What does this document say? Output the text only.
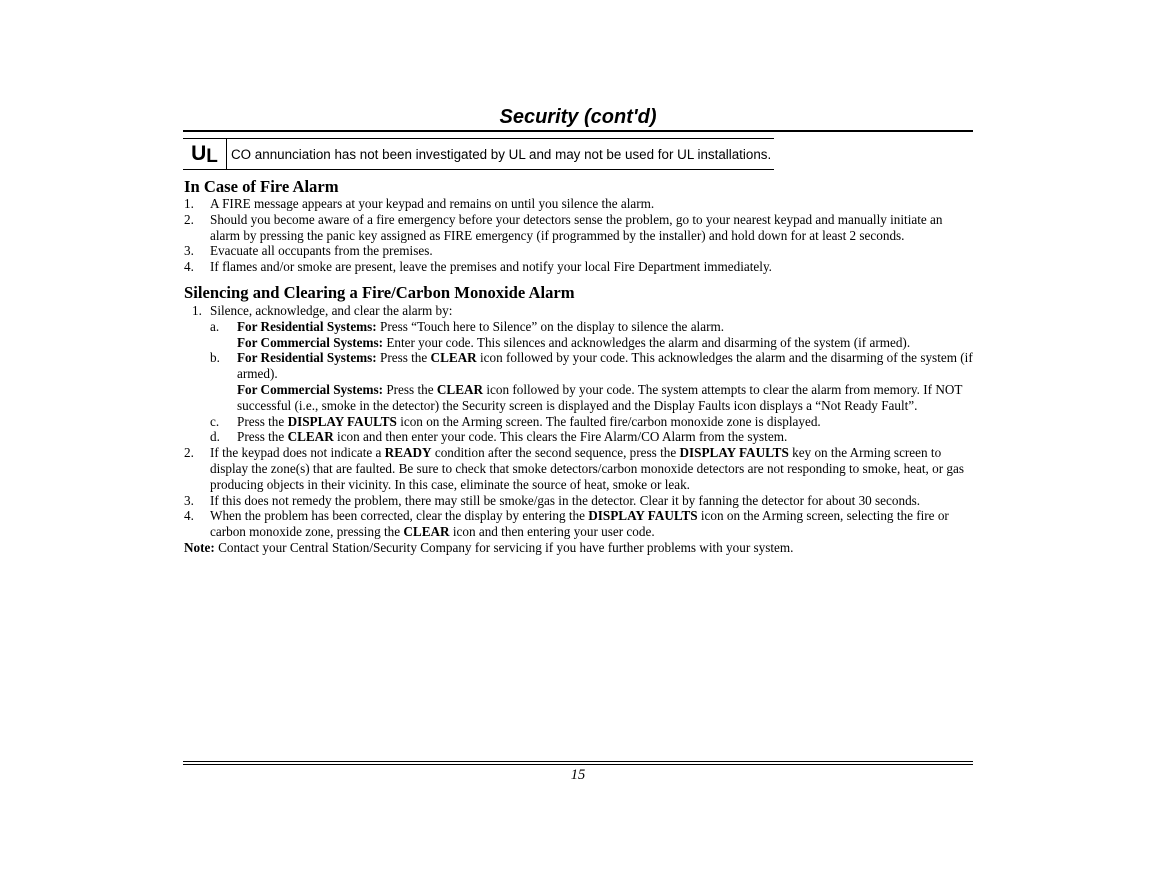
Security (cont'd)
U L CO annunciation has not been investigated by UL and may not be used for UL installations.
In Case of Fire Alarm
1. A FIRE message appears at your keypad and remains on until you silence the alarm.
2. Should you become aware of a fire emergency before your detectors sense the problem, go to your nearest keypad and manually initiate an alarm by pressing the panic key assigned as FIRE emergency (if programmed by the installer) and hold down for at least 2 seconds.
3. Evacuate all occupants from the premises.
4. If flames and/or smoke are present, leave the premises and notify your local Fire Department immediately.
Silencing and Clearing a Fire/Carbon Monoxide Alarm
1. Silence, acknowledge, and clear the alarm by:
a. For Residential Systems: Press “Touch here to Silence” on the display to silence the alarm.
For Commercial Systems: Enter your code. This silences and acknowledges the alarm and disarming of the system (if armed).
b. For Residential Systems: Press the CLEAR icon followed by your code. This acknowledges the alarm and the disarming of the system (if armed).
For Commercial Systems: Press the CLEAR icon followed by your code. The system attempts to clear the alarm from memory. If NOT successful (i.e., smoke in the detector) the Security screen is displayed and the Display Faults icon displays a “Not Ready Fault”.
c. Press the DISPLAY FAULTS icon on the Arming screen. The faulted fire/carbon monoxide zone is displayed.
d. Press the CLEAR icon and then enter your code. This clears the Fire Alarm/CO Alarm from the system.
2. If the keypad does not indicate a READY condition after the second sequence, press the DISPLAY FAULTS key on the Arming screen to display the zone(s) that are faulted. Be sure to check that smoke detectors/carbon monoxide detectors are not responding to smoke, heat, or gas producing objects in their vicinity. In this case, eliminate the source of heat, smoke or leak.
3. If this does not remedy the problem, there may still be smoke/gas in the detector. Clear it by fanning the detector for about 30 seconds.
4. When the problem has been corrected, clear the display by entering the DISPLAY FAULTS icon on the Arming screen, selecting the fire or carbon monoxide zone, pressing the CLEAR icon and then entering your user code.
Note: Contact your Central Station/Security Company for servicing if you have further problems with your system.
15
